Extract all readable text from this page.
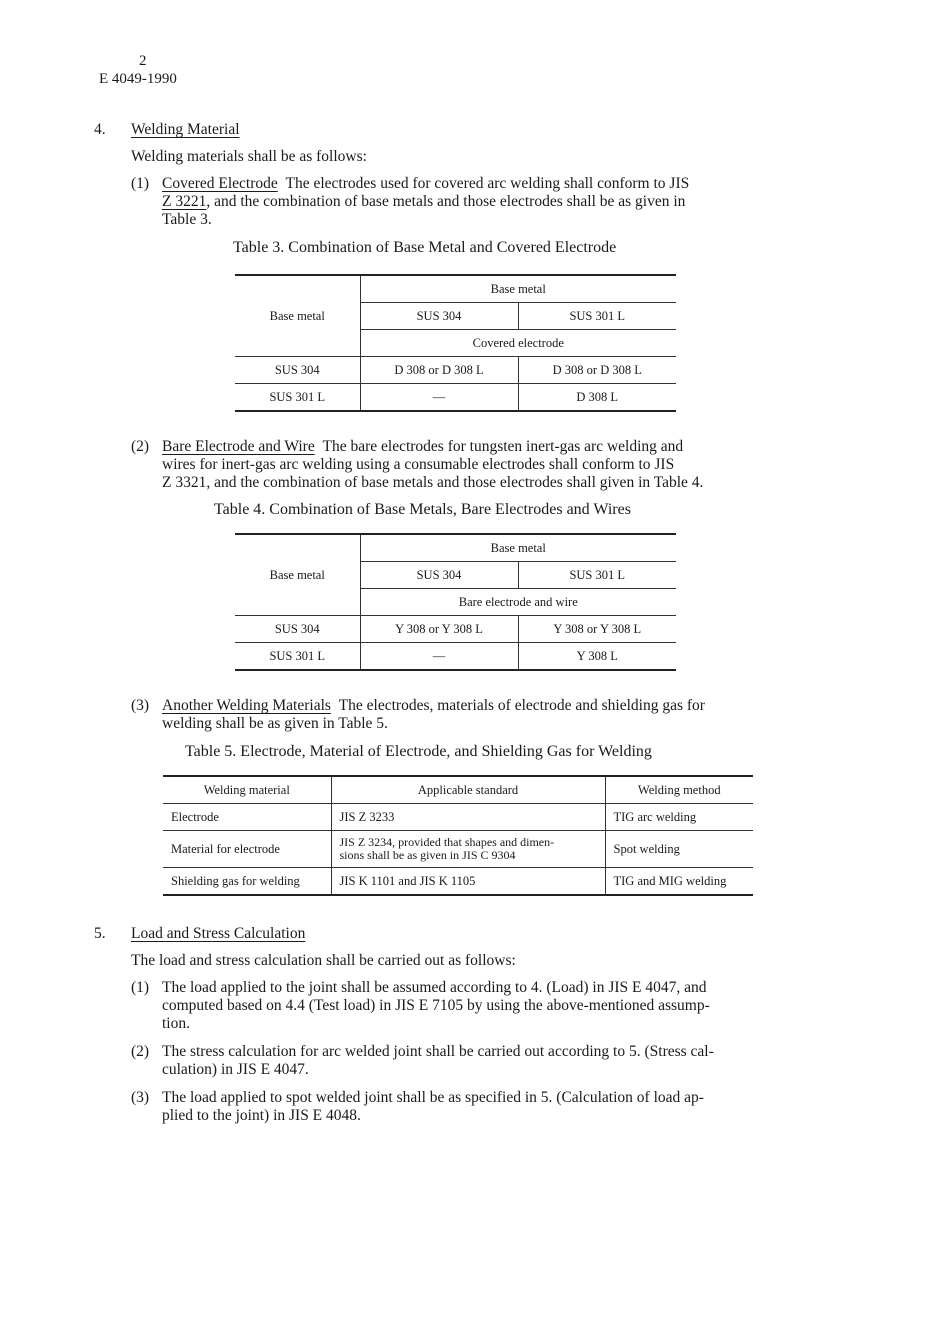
2
E 4049-1990
4. Welding Material
Welding materials shall be as follows:
(1) Covered Electrode The electrodes used for covered arc welding shall conform to JIS
Z 3221, and the combination of base metals and those electrodes shall be as given in
Table 3.
Table 3. Combination of Base Metal and Covered Electrode
Base metal	Base metal	
	SUS 304	SUS 301 L
	Covered electrode	
SUS 304	D 308 or D 308 L	D 308 or D 308 L
SUS 301 L	—	D 308 L
(2) Bare Electrode and Wire The bare electrodes for tungsten inert-gas arc welding and
wires for inert-gas arc welding using a consumable electrodes shall conform to JIS
Z 3321, and the combination of base metals and those electrodes shall given in Table 4.
Table 4. Combination of Base Metals, Bare Electrodes and Wires
Base metal	Base metal	
	SUS 304	SUS 301 L
	Bare electrode and wire	
SUS 304	Y 308 or Y 308 L	Y 308 or Y 308 L
SUS 301 L	—	Y 308 L
(3) Another Welding Materials The electrodes, materials of electrode and shielding gas for
welding shall be as given in Table 5.
Table 5. Electrode, Material of Electrode, and Shielding Gas for Welding
Welding material	Applicable standard	Welding method
Electrode	JIS Z 3233	TIG arc welding
Material for electrode	JIS Z 3234, provided that shapes and dimen-
sions shall be as given in JIS C 9304	Spot welding
Shielding gas for welding	JIS K 1101 and JIS K 1105	TIG and MIG welding
5. Load and Stress Calculation
The load and stress calculation shall be carried out as follows:
(1) The load applied to the joint shall be assumed according to 4. (Load) in JIS E 4047, and
computed based on 4.4 (Test load) in JIS E 7105 by using the above-mentioned assump-
tion.
(2) The stress calculation for arc welded joint shall be carried out according to 5. (Stress cal-
culation) in JIS E 4047.
(3) The load applied to spot welded joint shall be as specified in 5. (Calculation of load ap-
plied to the joint) in JIS E 4048.
